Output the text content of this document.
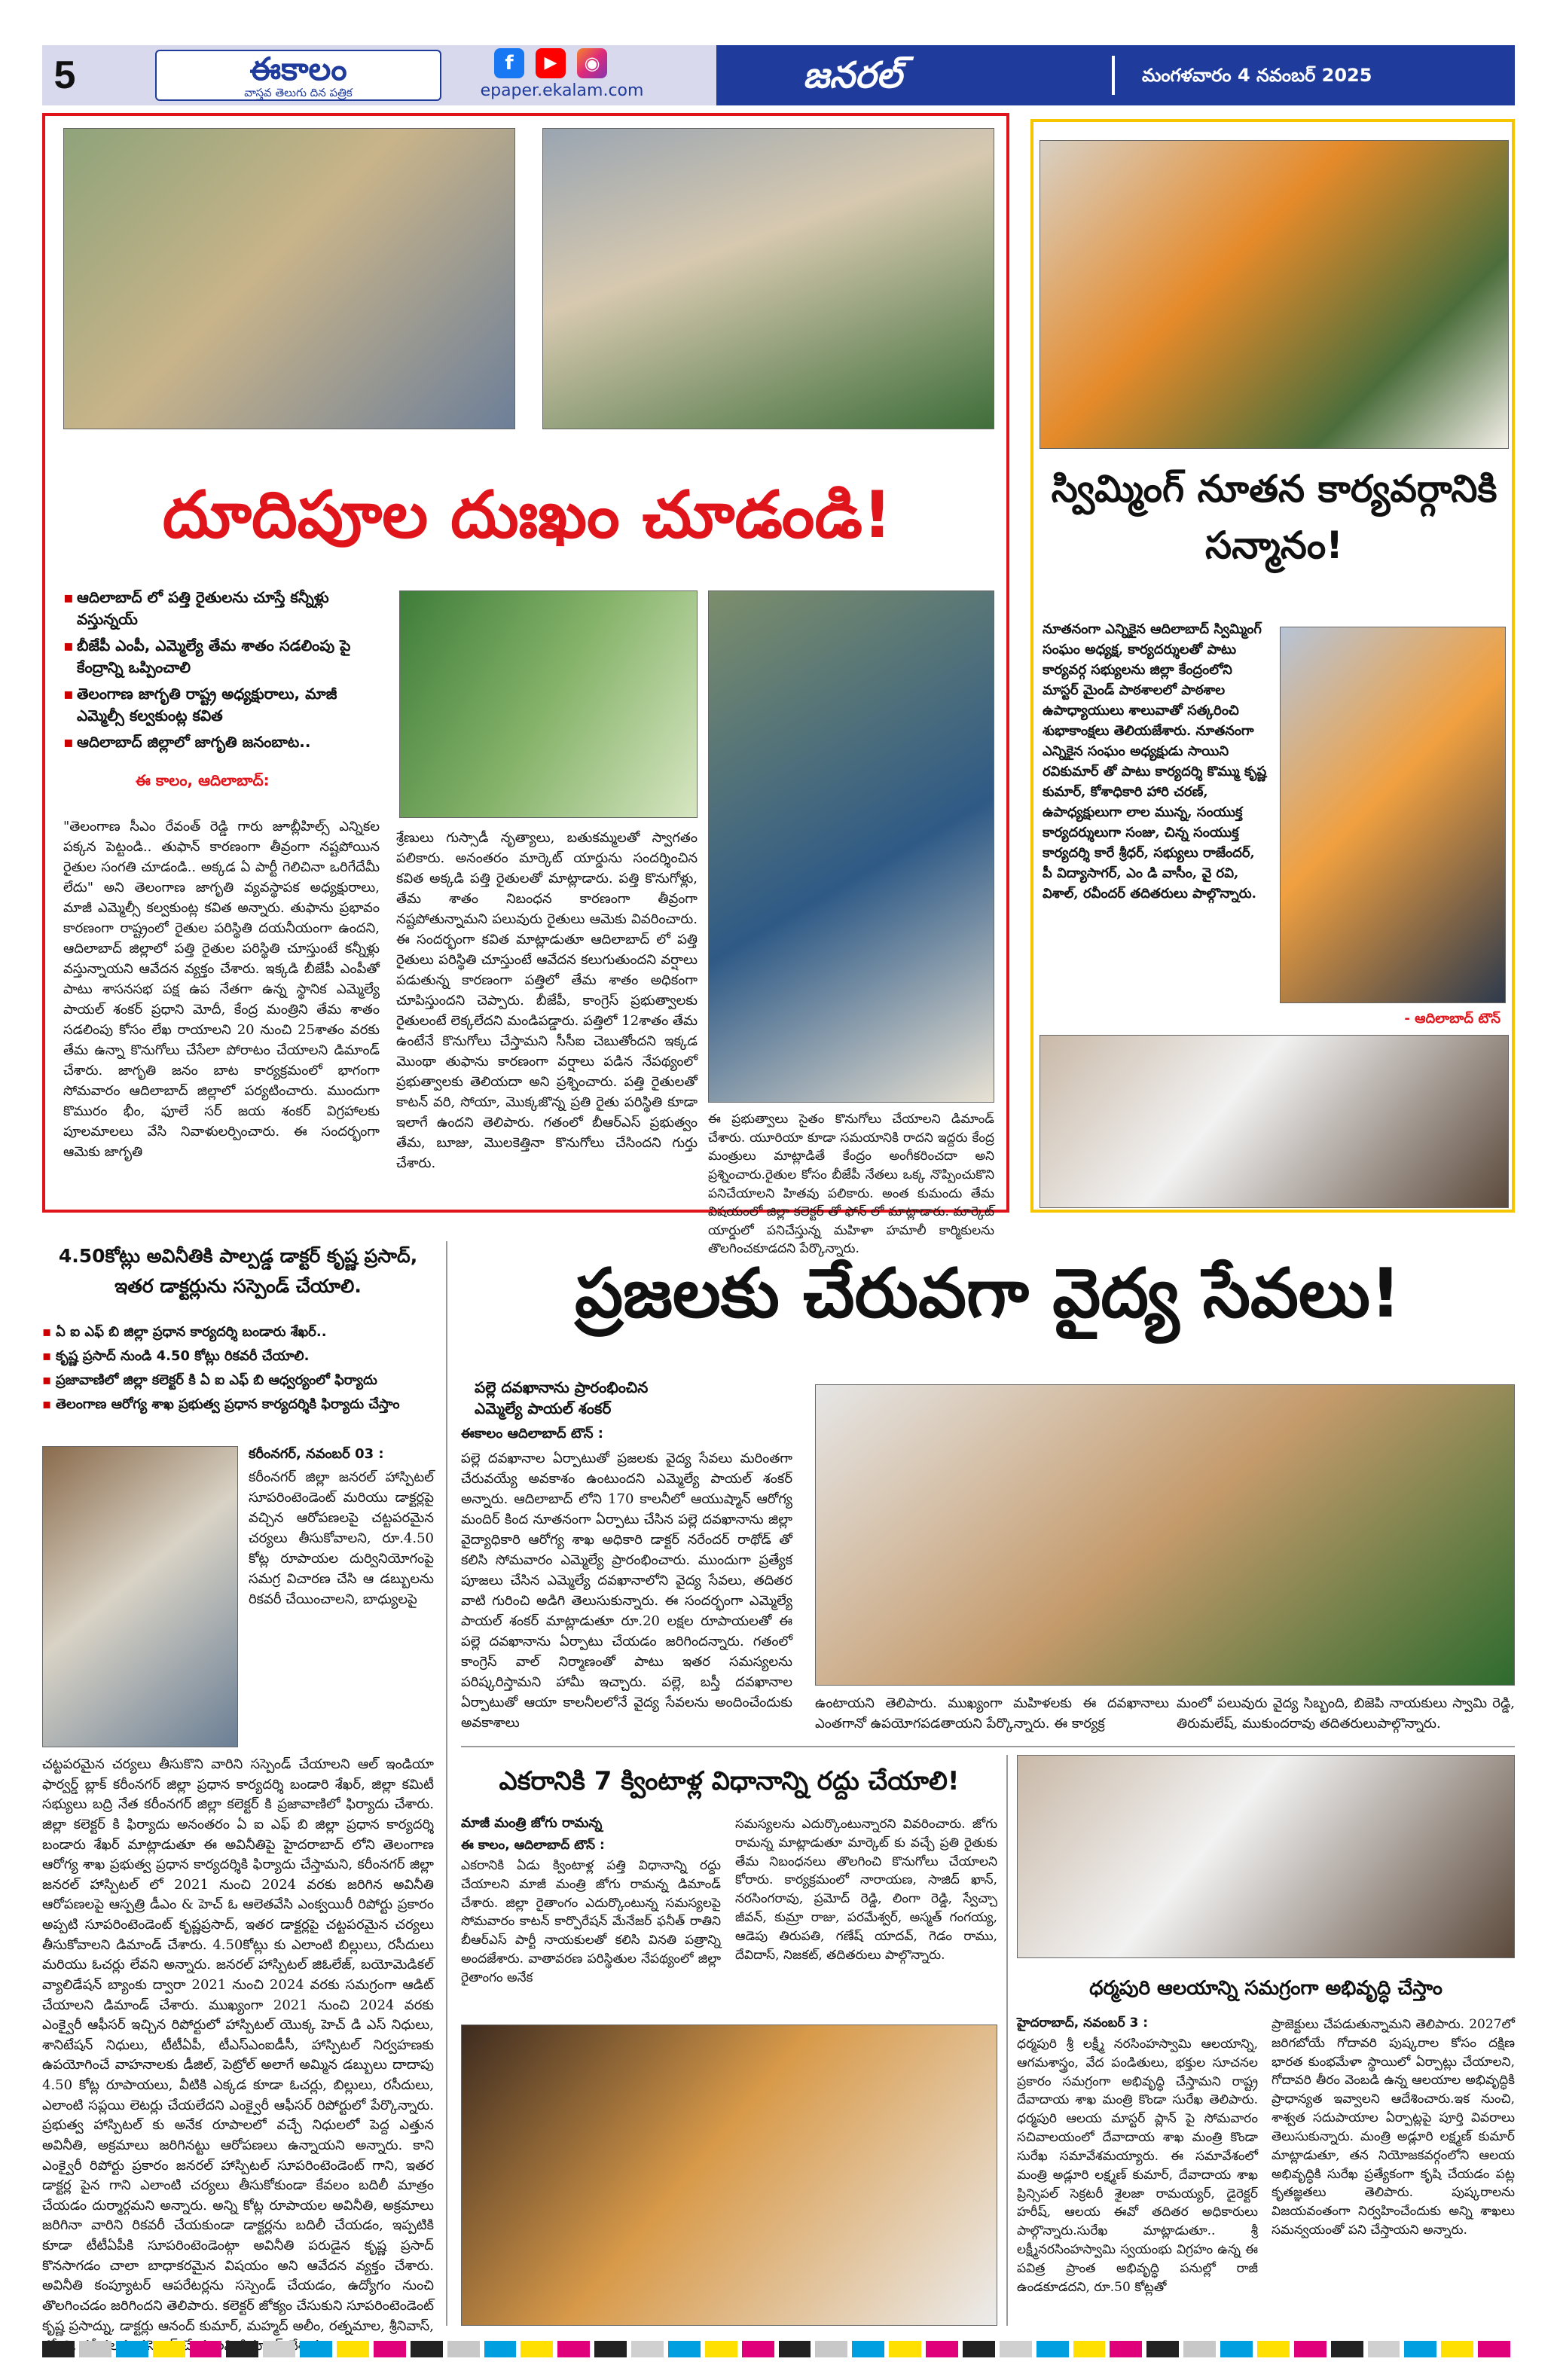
5	ఈకాలం
వాస్తవ తెలుగు దిన పత్రిక
f	▶	◉
epaper.ekalam.com	జనరల్	మంగళవారం 4 నవంబర్ 2025
దూదిపూల దుఃఖం చూడండి!
▪ ఆదిలాబాద్ లో పత్తి రైతులను చూస్తే కన్నీళ్లు వస్తున్నయ్
▪ బీజేపీ ఎంపీ, ఎమ్మెల్యే తేమ శాతం సడలింపు పై కేంద్రాన్ని ఒప్పించాలి
▪ తెలంగాణ జాగృతి రాష్ట్ర అధ్యక్షురాలు, మాజీ ఎమ్మెల్సీ కల్వకుంట్ల కవిత
▪ ఆదిలాబాద్ జిల్లాలో జాగృతి జనంబాట..
ఈ కాలం, ఆదిలాబాద్:
"తెలంగాణ సీఎం రేవంత్ రెడ్డి గారు జూబ్లీహిల్స్ ఎన్నికల పక్కన పెట్టండి.. తుఫాన్ కారణంగా తీవ్రంగా నష్టపోయిన రైతుల సంగతి చూడండి.. అక్కడ ఏ పార్టీ గెలిచినా ఒరిగేదేమీ లేదు" అని తెలంగాణ జాగృతి వ్యవస్థాపక అధ్యక్షురాలు, మాజీ ఎమ్మెల్సీ కల్వకుంట్ల కవిత అన్నారు. తుఫాను ప్రభావం కారణంగా రాష్ట్రంలో రైతుల పరిస్థితి దయనీయంగా ఉందని, ఆదిలాబాద్ జిల్లాలో పత్తి రైతుల పరిస్థితి చూస్తుంటే కన్నీళ్లు వస్తున్నాయని ఆవేదన వ్యక్తం చేశారు. ఇక్కడి బీజేపీ ఎంపీతో పాటు శాసనసభ పక్ష ఉప నేతగా ఉన్న స్థానిక ఎమ్మెల్యే పాయల్ శంకర్ ప్రధాని మోదీ, కేంద్ర మంత్రిని తేమ శాతం సడలింపు కోసం లేఖ రాయాలని 20 నుంచి 25శాతం వరకు తేమ ఉన్నా కొనుగోలు చేసేలా పోరాటం చేయాలని డిమాండ్ చేశారు. జాగృతి జనం బాట కార్యక్రమంలో భాగంగా సోమవారం ఆదిలాబాద్ జిల్లాలో పర్యటించారు. ముందుగా కొమురం భీం, ఫూలే సర్ జయ శంకర్ విగ్రహాలకు పూలమాలలు వేసి నివాళులర్పించారు. ఈ సందర్భంగా ఆమెకు జాగృతి
శ్రేణులు గుస్సాడీ నృత్యాలు, బతుకమ్మలతో స్వాగతం పలికారు. అనంతరం మార్కెట్ యార్డును సందర్శించిన కవిత అక్కడి పత్తి రైతులతో మాట్లాడారు. పత్తి కొనుగోళ్లు, తేమ శాతం నిబంధన కారణంగా తీవ్రంగా నష్టపోతున్నామని పలువురు రైతులు ఆమెకు వివరించారు. ఈ సందర్భంగా కవిత మాట్లాడుతూ ఆదిలాబాద్ లో పత్తి రైతులు పరిస్థితి చూస్తుంటే ఆవేదన కలుగుతుందని వర్షాలు పడుతున్న కారణంగా పత్తిలో తేమ శాతం అధికంగా చూపిస్తుందని చెప్పారు. బీజేపీ, కాంగ్రెస్ ప్రభుత్వాలకు రైతులంటే లెక్కలేదని మండిపడ్డారు. పత్తిలో 12శాతం తేమ ఉంటేనే కొనుగోలు చేస్తామని సీసీఐ చెబుతోందని ఇక్కడ మొంథా తుఫాను కారణంగా వర్షాలు పడిన నేపథ్యంలో ప్రభుత్వాలకు తెలియదా అని ప్రశ్నించారు. పత్తి రైతులతో కాటన్ వరి, సోయా, మొక్కజొన్న ప్రతి రైతు పరిస్థితి కూడా ఇలాగే ఉందని తెలిపారు. గతంలో బీఆర్ఎస్ ప్రభుత్వం తేమ, బూజు, మొలకెత్తినా కొనుగోలు చేసిందని గుర్తు చేశారు.
ఈ ప్రభుత్వాలు సైతం కొనుగోలు చేయాలని డిమాండ్ చేశారు. యూరియా కూడా సమయానికి రాదని ఇద్దరు కేంద్ర మంత్రులు మాట్లాడితే కేంద్రం అంగీకరించదా అని ప్రశ్నించారు.రైతుల కోసం బీజేపీ నేతలు ఒక్క నొప్పించుకొని పనిచేయాలని హితవు పలికారు. అంత కుమందు తేమ విషయంలో జిల్లా కలెక్టర్ తో ఫోన్ లో మాట్లాడారు. మార్కెట్ యార్డులో పనిచేస్తున్న మహిళా హమాలీ కార్మికులను తొలగించకూడదని పేర్కొన్నారు.
స్విమ్మింగ్ నూతన కార్యవర్గానికి సన్మానం!
నూతనంగా ఎన్నికైన ఆదిలాబాద్ స్విమ్మింగ్ సంఘం అధ్యక్ష, కార్యదర్శులతో పాటు కార్యవర్గ సభ్యులను జిల్లా కేంద్రంలోని మాస్టర్ మైండ్ పాఠశాలలో పాఠశాల ఉపాధ్యాయులు శాలువాతో సత్కరించి శుభాకాంక్షలు తెలియజేశారు. నూతనంగా ఎన్నికైన సంఘం అధ్యక్షుడు సాయిని రవికుమార్ తో పాటు కార్యదర్శి కొమ్ము కృష్ణ కుమార్, కోశాధికారి హారి చరణ్, ఉపాధ్యక్షులుగా లాల మున్న, సంయుక్త కార్యదర్శులుగా సంజు, చిన్న సంయుక్త కార్యదర్శి కారే శ్రీధర్, సభ్యులు రాజేందర్, పీ విద్యాసాగర్, ఎం డి వాసీం, వై రవి, విశాల్, రవీందర్ తదితరులు పాల్గొన్నారు.
- ఆదిలాబాద్ టౌన్
4.50కోట్లు అవినీతికి పాల్పడ్డ డాక్టర్ కృష్ణ ప్రసాద్, ఇతర డాక్టర్లును సస్పెండ్ చేయాలి.
▪ ఏ ఐ ఎఫ్ బి జిల్లా ప్రధాన కార్యదర్శి బండారు శేఖర్..
▪ కృష్ణ ప్రసాద్ నుండి 4.50 కోట్లు రికవరీ చేయాలి.
▪ ప్రజావాణిలో జిల్లా కలెక్టర్ కి ఏ ఐ ఎఫ్ బి ఆధ్వర్యంలో ఫిర్యాదు
▪ తెలంగాణ ఆరోగ్య శాఖ ప్రభుత్వ ప్రధాన కార్యదర్శికి ఫిర్యాదు చేస్తాం
కరీంనగర్, నవంబర్ 03 :
కరీంనగర్ జిల్లా జనరల్ హాస్పిటల్ సూపరింటెండెంట్ మరియు డాక్టర్లపై వచ్చిన ఆరోపణలపై చట్టపరమైన చర్యలు తీసుకోవాలని, రూ.4.50 కోట్ల రూపాయల దుర్వినియోగంపై సమగ్ర విచారణ చేసి ఆ డబ్బులను రికవరీ చేయించాలని, బాధ్యులపై
చట్టపరమైన చర్యలు తీసుకొని వారిని సస్పెండ్ చేయాలని ఆల్ ఇండియా ఫార్వర్డ్ బ్లాక్ కరీంనగర్ జిల్లా ప్రధాన కార్యదర్శి బండారి శేఖర్, జిల్లా కమిటీ సభ్యులు బద్రి నేత కరీంనగర్ జిల్లా కలెక్టర్ కి ప్రజావాణిలో ఫిర్యాదు చేశారు. జిల్లా కలెక్టర్ కి ఫిర్యాదు అనంతరం ఏ ఐ ఎఫ్ బి జిల్లా ప్రధాన కార్యదర్శి బండారు శేఖర్ మాట్లాడుతూ ఈ అవినీతిపై హైదరాబాద్ లోని తెలంగాణ ఆరోగ్య శాఖ ప్రభుత్వ ప్రధాన కార్యదర్శికి ఫిర్యాదు చేస్తామని, కరీంనగర్ జిల్లా జనరల్ హాస్పిటల్ లో 2021 నుంచి 2024 వరకు జరిగిన అవినీతి ఆరోపణలపై ఆస్పత్రి డీఎం & హెచ్ ఓ ఆలెతవేసి ఎంక్వయిరీ రిపోర్టు ప్రకారం అప్పటి సూపరింటెండెంట్ కృష్ణప్రసాద్, ఇతర డాక్టర్లపై చట్టపరమైన చర్యలు తీసుకోవాలని డిమాండ్ చేశారు. 4.50కోట్లు కు ఎలాంటి బిల్లులు, రసీదులు మరియు ఓచర్లు లేవని అన్నారు. జనరల్ హాస్పిటల్ జిఓలేజ్, బయోమెడికల్ వ్యాలిడేషన్ బ్యాంకు ద్వారా 2021 నుంచి 2024 వరకు సమగ్రంగా ఆడిట్ చేయాలని డిమాండ్ చేశారు. ముఖ్యంగా 2021 నుంచి 2024 వరకు ఎంక్వైరీ ఆఫీసర్ ఇచ్చిన రిపోర్టులో హాస్పిటల్ యొక్క హెచ్ డి ఎస్ నిధులు, శానిటేషన్ నిధులు, టీటీఏపీ, టీఎస్ఎంఐడీసీ, హాస్పిటల్ నిర్వహణకు ఉపయోగించే వాహనాలకు డీజిల్, పెట్రోల్ అలాగే అమ్మిన డబ్బులు దాదాపు 4.50 కోట్ల రూపాయలు, వీటికి ఎక్కడ కూడా ఓచర్లు, బిల్లులు, రసీదులు, ఎలాంటి సప్లయి లెటర్లు చేయలేదని ఎంక్వైరీ ఆఫీసర్ రిపోర్టులో పేర్కొన్నారు. ప్రభుత్వ హాస్పిటల్ కు అనేక రూపాలలో వచ్చే నిధులలో పెద్ద ఎత్తున అవినీతి, అక్రమాలు జరిగినట్టు ఆరోపణలు ఉన్నాయని అన్నారు. కాని ఎంక్వైరీ రిపోర్టు ప్రకారం జనరల్ హాస్పిటల్ సూపరింటెండెంట్ గాని, ఇతర డాక్టర్ల పైన గాని ఎలాంటి చర్యలు తీసుకోకుండా కేవలం బదిలీ మాత్రం చేయడం దుర్మార్గమని అన్నారు. అన్ని కోట్ల రూపాయల అవినీతి, అక్రమాలు జరిగినా వారిని రికవరీ చేయకుండా డాక్టర్లను బదిలీ చేయడం, ఇప్పటికి కూడా టీటీఏపీకి సూపరింటెండెంట్గా అవినీతి పరుడైన కృష్ణ ప్రసాద్ కొనసాగడం చాలా బాధాకరమైన విషయం అని ఆవేదన వ్యక్తం చేశారు. అవినీతి కంప్యూటర్ ఆపరేటర్లను సస్పెండ్ చేయడం, ఉద్యోగం నుంచి తొలగించడం జరిగిందని తెలిపారు. కలెక్టర్ జోక్యం చేసుకుని సూపరింటెండెంట్ కృష్ణ ప్రసాద్ను, డాక్టర్లు ఆనంద్ కుమార్, మహ్మద్ అలీం, రత్నమాల, శ్రీనివాస్, డిమాండ్
ప్రజలకు చేరువగా వైద్య సేవలు!
పల్లె దవఖానాను ప్రారంభించిన
ఎమ్మెల్యే పాయల్ శంకర్
ఈకాలం ఆదిలాబాద్ టౌన్ :
పల్లె దవఖానాల ఏర్పాటుతో ప్రజలకు వైద్య సేవలు మరింతగా చేరువయ్యే అవకాశం ఉంటుందని ఎమ్మెల్యే పాయల్ శంకర్ అన్నారు. ఆదిలాబాద్ లోని 170 కాలనీలో ఆయుష్మాన్ ఆరోగ్య మందిర్ కింద నూతనంగా ఏర్పాటు చేసిన పల్లె దవఖానాను జిల్లా వైద్యాధికారి ఆరోగ్య శాఖ అధికారి డాక్టర్ నరేందర్ రాథోడ్ తో కలిసి సోమవారం ఎమ్మెల్యే ప్రారంభించారు. ముందుగా ప్రత్యేక పూజలు చేసిన ఎమ్మెల్యే దవఖానాలోని వైద్య సేవలు, తదితర వాటి గురించి అడిగి తెలుసుకున్నారు. ఈ సందర్భంగా ఎమ్మెల్యే పాయల్ శంకర్ మాట్లాడుతూ రూ.20 లక్షల రూపాయలతో ఈ పల్లె దవఖానాను ఏర్పాటు చేయడం జరిగిందన్నారు. గతంలో కాంగ్రెస్ వాల్ నిర్మాణంతో పాటు ఇతర సమస్యలను పరిష్కరిస్తామని హామీ ఇచ్చారు. పల్లె, బస్తీ దవఖానాల ఏర్పాటుతో ఆయా కాలనీలలోనే వైద్య సేవలను అందించేందుకు అవకాశాలు
ఉంటాయని తెలిపారు. ముఖ్యంగా మహిళలకు ఈ దవఖానాలు ఎంతగానో ఉపయోగపడతాయని పేర్కొన్నారు. ఈ కార్యక్ర
మంలో పలువురు వైద్య సిబ్బంది, బిజెపి నాయకులు స్వామి రెడ్డి, తిరుమలేష్, ముకుందరావు తదితరులుపాల్గొన్నారు.
ఎకరానికి 7 క్వింటాళ్ల విధానాన్ని రద్దు చేయాలి!
మాజీ మంత్రి జోగు రామన్న
ఈ కాలం, ఆదిలాబాద్ టౌన్ :
ఎకరానికి ఏడు క్వింటాళ్ల పత్తి విధానాన్ని రద్దు చేయాలని మాజీ మంత్రి జోగు రామన్న డిమాండ్ చేశారు. జిల్లా రైతాంగం ఎదుర్కొంటున్న సమస్యలపై సోమవారం కాటన్ కార్పొరేషన్ మేనేజర్ ఫనీత్ రాతిని బీఆర్ఎస్ పార్టీ నాయకులతో కలిసి వినతి పత్రాన్ని అందజేశారు. వాతావరణ పరిస్థితుల నేపథ్యంలో జిల్లా రైతాంగం అనేక
సమస్యలను ఎదుర్కొంటున్నారని వివరించారు. జోగు రామన్న మాట్లాడుతూ మార్కెట్ కు వచ్చే ప్రతి రైతుకు తేమ నిబంధనలు తొలగించి కొనుగోలు చేయాలని కోరారు. కార్యక్రమంలో నారాయణ, సాజిద్ ఖాన్, నరసింగరావు, ప్రమోద్ రెడ్డి, లింగా రెడ్డి, స్వేచ్చా జీవన్, కుమ్రా రాజు, పరమేశ్వర్, అస్మత్ గంగయ్య, ఆడెపు తిరుపతి, గణేష్ యాదవ్, గెడం రాము, దేవిదాస్, నిజకట్, తదితరులు పాల్గొన్నారు.
ధర్మపురి ఆలయాన్ని సమగ్రంగా అభివృద్ధి చేస్తాం
హైదరాబాద్, నవంబర్ 3 :
ధర్మపురి శ్రీ లక్ష్మీ నరసింహస్వామి ఆలయాన్ని, ఆగమశాస్త్రం, వేద పండితులు, భక్తుల సూచనల ప్రకారం సమగ్రంగా అభివృద్ధి చేస్తామని రాష్ట్ర దేవాదాయ శాఖ మంత్రి కొండా సురేఖ తెలిపారు. ధర్మపురి ఆలయ మాస్టర్ ప్లాన్ పై సోమవారం సచివాలయంలో దేవాదాయ శాఖ మంత్రి కొండా సురేఖ సమావేశమయ్యారు. ఈ సమావేశంలో మంత్రి అడ్లూరి లక్ష్మణ్ కుమార్, దేవాదాయ శాఖ ప్రిన్సిపల్ సెక్రటరీ శైలజా రామయ్యర్, డైరెక్టర్ హరీష్, ఆలయ ఈవో తదితర అధికారులు పాల్గొన్నారు.సురేఖ మాట్లాడుతూ.. శ్రీ లక్ష్మీనరసింహస్వామి స్వయంభు విగ్రహం ఉన్న ఈ పవిత్ర ప్రాంత అభివృద్ధి పనుల్లో రాజీ ఉండకూడదని, రూ.50 కోట్లతో
ప్రాజెక్టులు చేపడుతున్నామని తెలిపారు. 2027లో జరిగబోయే గోదావరి పుష్కరాల కోసం దక్షిణ భారత కుంభమేళా స్థాయిలో ఏర్పాట్లు చేయాలని, గోదావరి తీరం వెంబడి ఉన్న ఆలయాల అభివృద్ధికి ప్రాధాన్యత ఇవ్వాలని ఆదేశించారు.ఇక నుంచి, శాశ్వత సదుపాయాల ఏర్పాట్లపై పూర్తి వివరాలు తెలుసుకున్నారు. మంత్రి అడ్లూరి లక్ష్మణ్ కుమార్ మాట్లాడుతూ, తన నియోజకవర్గంలోని ఆలయ అభివృద్ధికి సురేఖ ప్రత్యేకంగా కృషి చేయడం పట్ల కృతజ్ఞతలు తెలిపారు. పుష్కరాలను విజయవంతంగా నిర్వహించేందుకు అన్ని శాఖలు సమన్వయంతో పని చేస్తాయని అన్నారు.
